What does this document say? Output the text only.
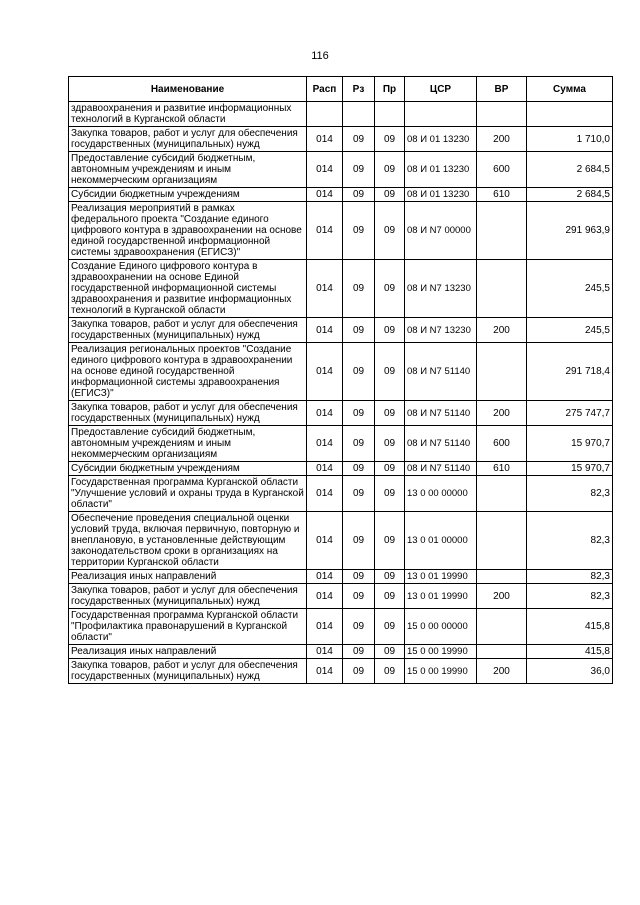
116
Наименование	Расп	Рз	Пр	ЦСР	ВР	Сумма
здравоохранения и развитие информационных технологий в Курганской области						
Закупка товаров, работ и услуг для обеспечения государственных (муниципальных) нужд	014	09	09	08 И 01 13230	200	1 710,0
Предоставление субсидий бюджетным, автономным учреждениям и иным некоммерческим организациям	014	09	09	08 И 01 13230	600	2 684,5
Субсидии бюджетным учреждениям	014	09	09	08 И 01 13230	610	2 684,5
Реализация мероприятий в рамках федерального проекта "Создание единого цифрового контура в здравоохранении на основе единой государственной информационной системы здравоохранения (ЕГИСЗ)"	014	09	09	08 И N7 00000		291 963,9
Создание Единого цифрового контура в здравоохранении на основе Единой государственной информационной системы здравоохранения и развитие информационных технологий в Курганской области	014	09	09	08 И N7 13230		245,5
Закупка товаров, работ и услуг для обеспечения государственных (муниципальных) нужд	014	09	09	08 И N7 13230	200	245,5
Реализация региональных проектов "Создание единого цифрового контура в здравоохранении на основе единой государственной информационной системы здравоохранения (ЕГИСЗ)"	014	09	09	08 И N7 51140		291 718,4
Закупка товаров, работ и услуг для обеспечения государственных (муниципальных) нужд	014	09	09	08 И N7 51140	200	275 747,7
Предоставление субсидий бюджетным, автономным учреждениям и иным некоммерческим организациям	014	09	09	08 И N7 51140	600	15 970,7
Субсидии бюджетным учреждениям	014	09	09	08 И N7 51140	610	15 970,7
Государственная программа Курганской области "Улучшение условий и охраны труда в Курганской области"	014	09	09	13 0 00 00000		82,3
Обеспечение проведения специальной оценки условий труда, включая первичную, повторную и внеплановую, в установленные действующим законодательством сроки в организациях на территории Курганской области	014	09	09	13 0 01 00000		82,3
Реализация иных направлений	014	09	09	13 0 01 19990		82,3
Закупка товаров, работ и услуг для обеспечения государственных (муниципальных) нужд	014	09	09	13 0 01 19990	200	82,3
Государственная программа Курганской области "Профилактика правонарушений в Курганской области"	014	09	09	15 0 00 00000		415,8
Реализация иных направлений	014	09	09	15 0 00 19990		415,8
Закупка товаров, работ и услуг для обеспечения государственных (муниципальных) нужд	014	09	09	15 0 00 19990	200	36,0
